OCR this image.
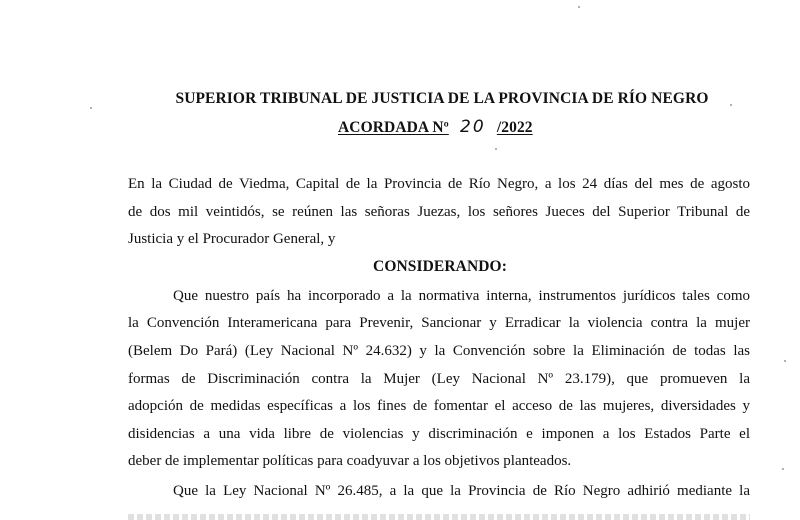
SUPERIOR TRIBUNAL DE JUSTICIA DE LA PROVINCIA DE RÍO NEGRO
ACORDADA Nº 20 /2022
En la Ciudad de Viedma, Capital de la Provincia de Río Negro, a los 24 días del mes de agosto
de dos mil veintidós, se reúnen las señoras Juezas, los señores Jueces del Superior Tribunal de
Justicia y el Procurador General, y
CONSIDERANDO:
Que nuestro país ha incorporado a la normativa interna, instrumentos jurídicos tales como
la Convención Interamericana para Prevenir, Sancionar y Erradicar la violencia contra la mujer
(Belem Do Pará) (Ley Nacional Nº 24.632) y la Convención sobre la Eliminación de todas las
formas de Discriminación contra la Mujer (Ley Nacional Nº 23.179), que promueven la
adopción de medidas específicas a los fines de fomentar el acceso de las mujeres, diversidades y
disidencias a una vida libre de violencias y discriminación e imponen a los Estados Parte el
deber de implementar políticas para coadyuvar a los objetivos planteados.
Que la Ley Nacional Nº 26.485, a la que la Provincia de Río Negro adhirió mediante la
